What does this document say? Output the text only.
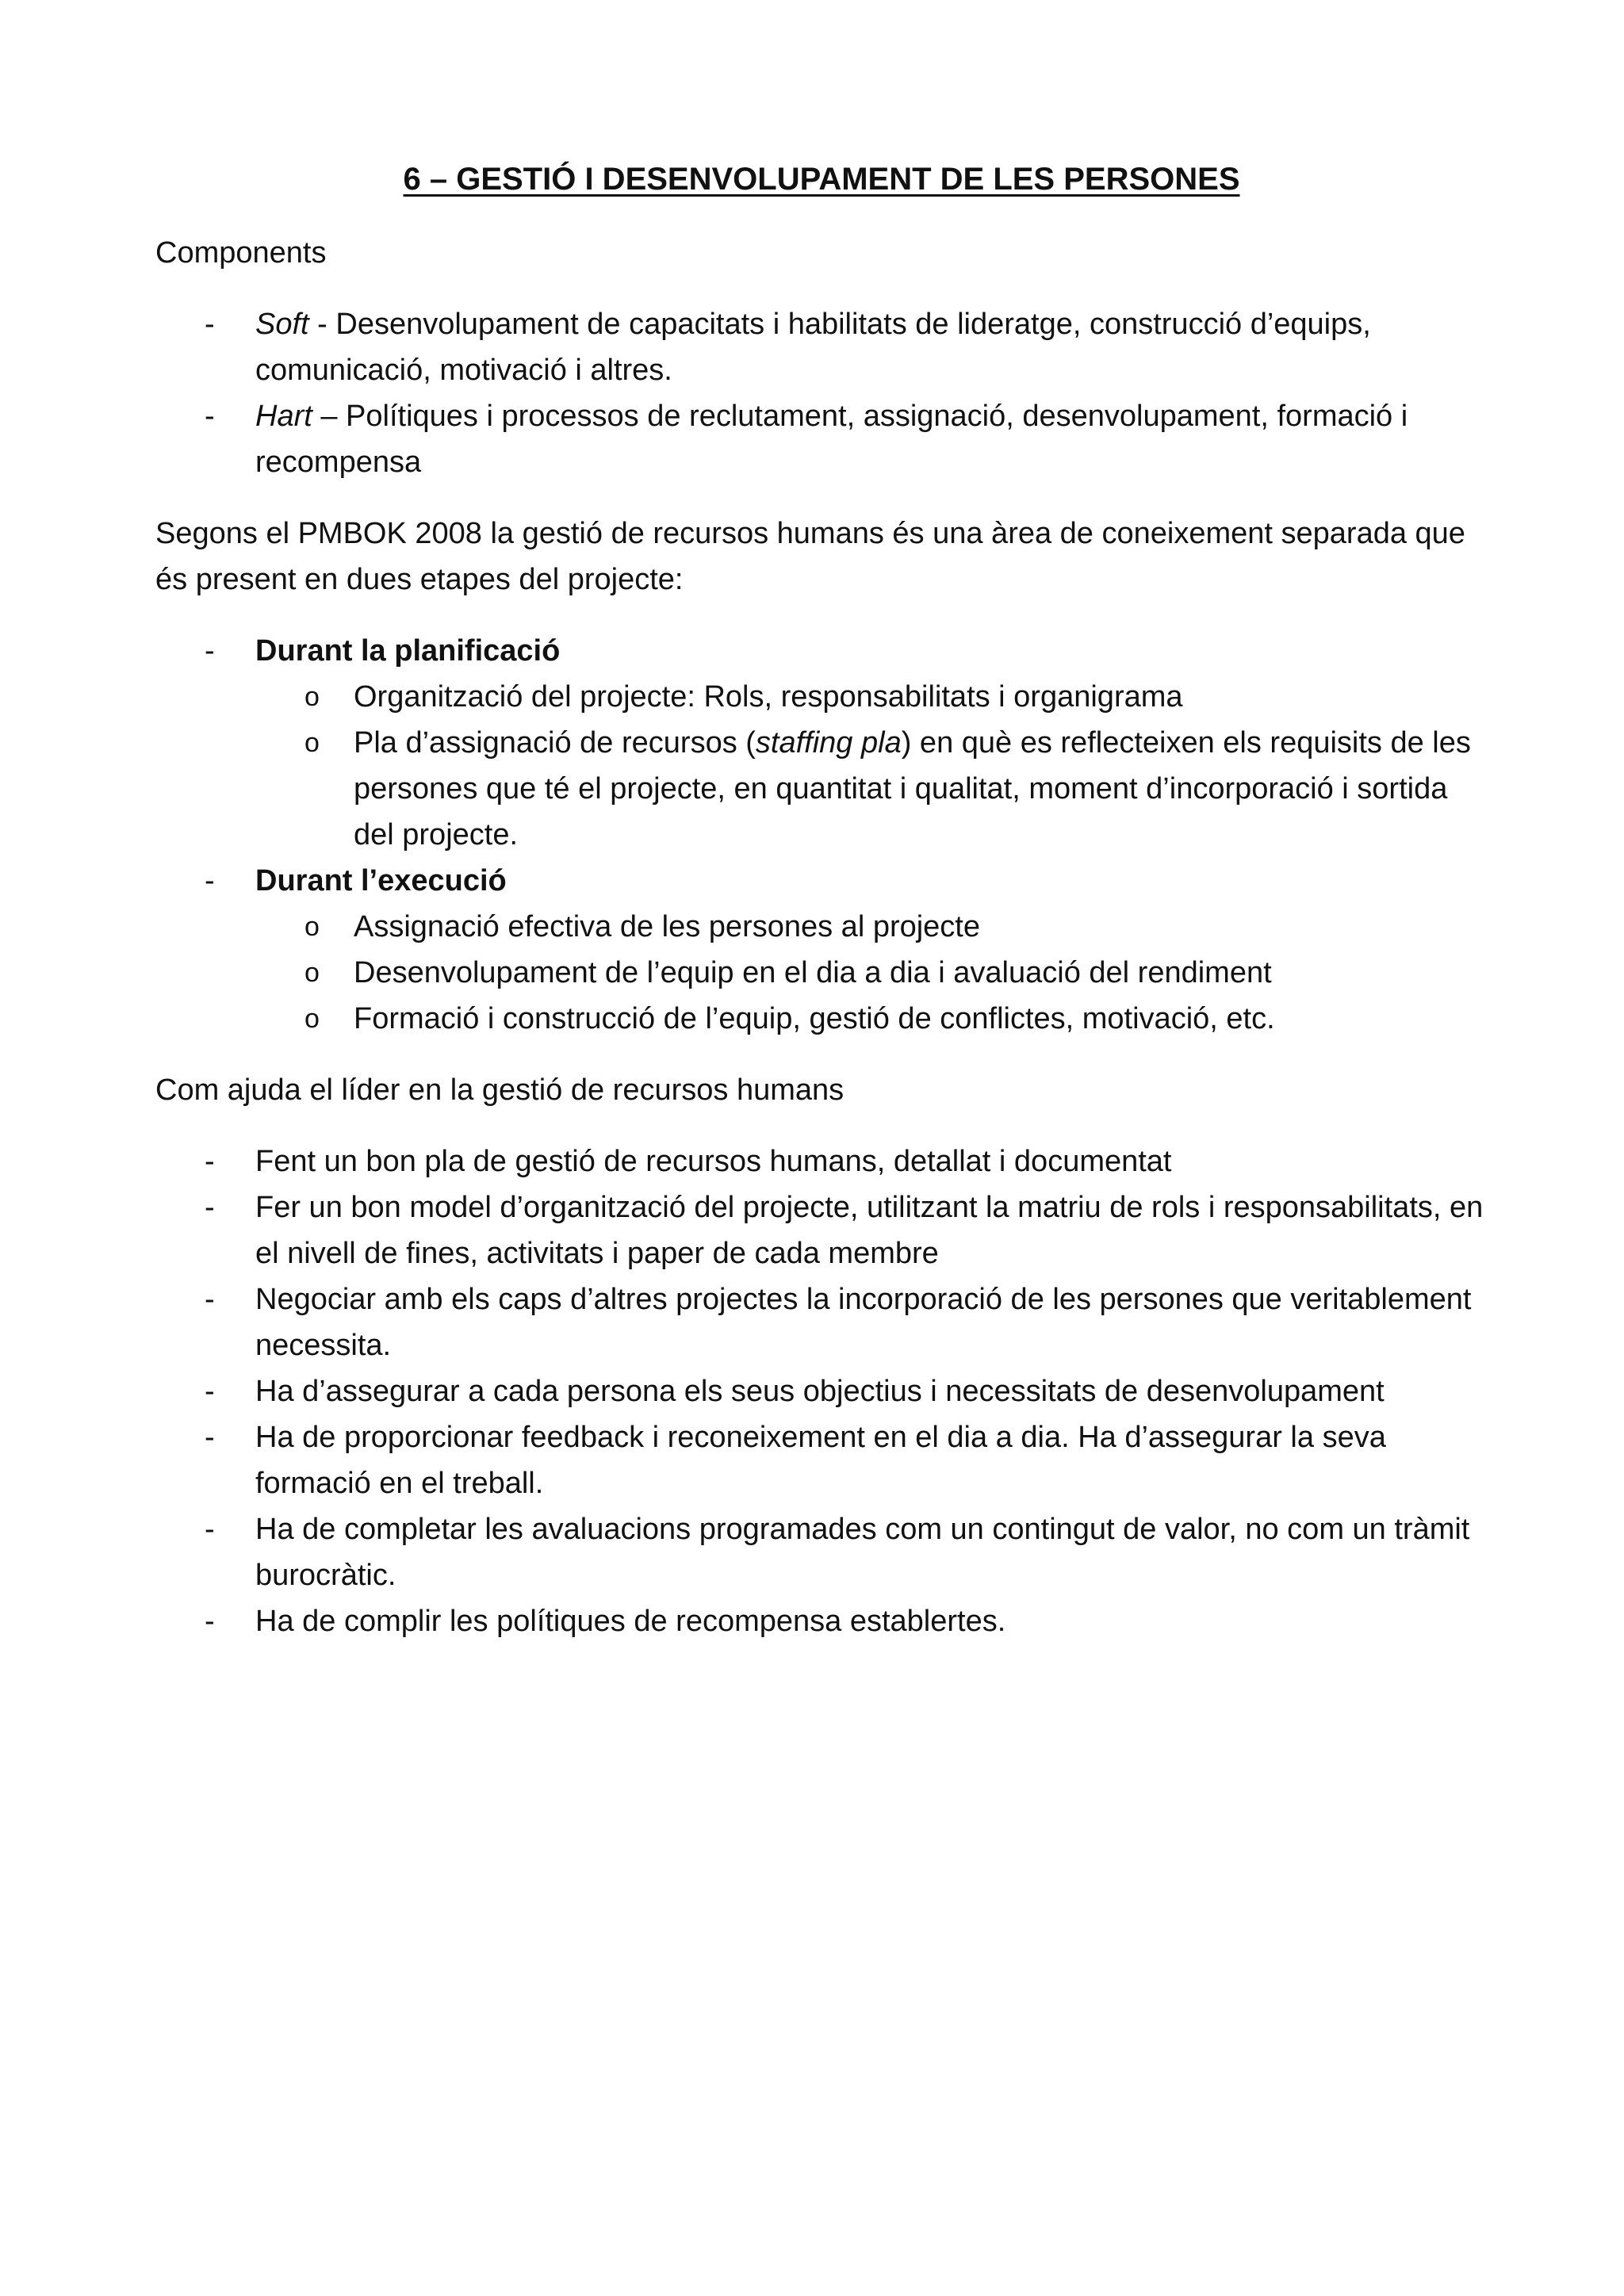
6 – GESTIÓ I DESENVOLUPAMENT DE LES PERSONES

Components

- Soft - Desenvolupament de capacitats i habilitats de lideratge, construcció d’equips, comunicació, motivació i altres.
- Hart – Polítiques i processos de reclutament, assignació, desenvolupament, formació i recompensa

Segons el PMBOK 2008 la gestió de recursos humans és una àrea de coneixement separada que és present en dues etapes del projecte:

- Durant la planificació
o Organització del projecte: Rols, responsabilitats i organigrama
o Pla d’assignació de recursos (staffing pla) en què es reflecteixen els requisits de les persones que té el projecte, en quantitat i qualitat, moment d’incorporació i sortida del projecte.
- Durant l’execució
o Assignació efectiva de les persones al projecte
o Desenvolupament de l’equip en el dia a dia i avaluació del rendiment
o Formació i construcció de l’equip, gestió de conflictes, motivació, etc.

Com ajuda el líder en la gestió de recursos humans

- Fent un bon pla de gestió de recursos humans, detallat i documentat
- Fer un bon model d’organització del projecte, utilitzant la matriu de rols i responsabilitats, en el nivell de fines, activitats i paper de cada membre
- Negociar amb els caps d’altres projectes la incorporació de les persones que veritablement necessita.
- Ha d’assegurar a cada persona els seus objectius i necessitats de desenvolupament
- Ha de proporcionar feedback i reconeixement en el dia a dia. Ha d’assegurar la seva formació en el treball.
- Ha de completar les avaluacions programades com un contingut de valor, no com un tràmit burocràtic.
- Ha de complir les polítiques de recompensa establertes.
